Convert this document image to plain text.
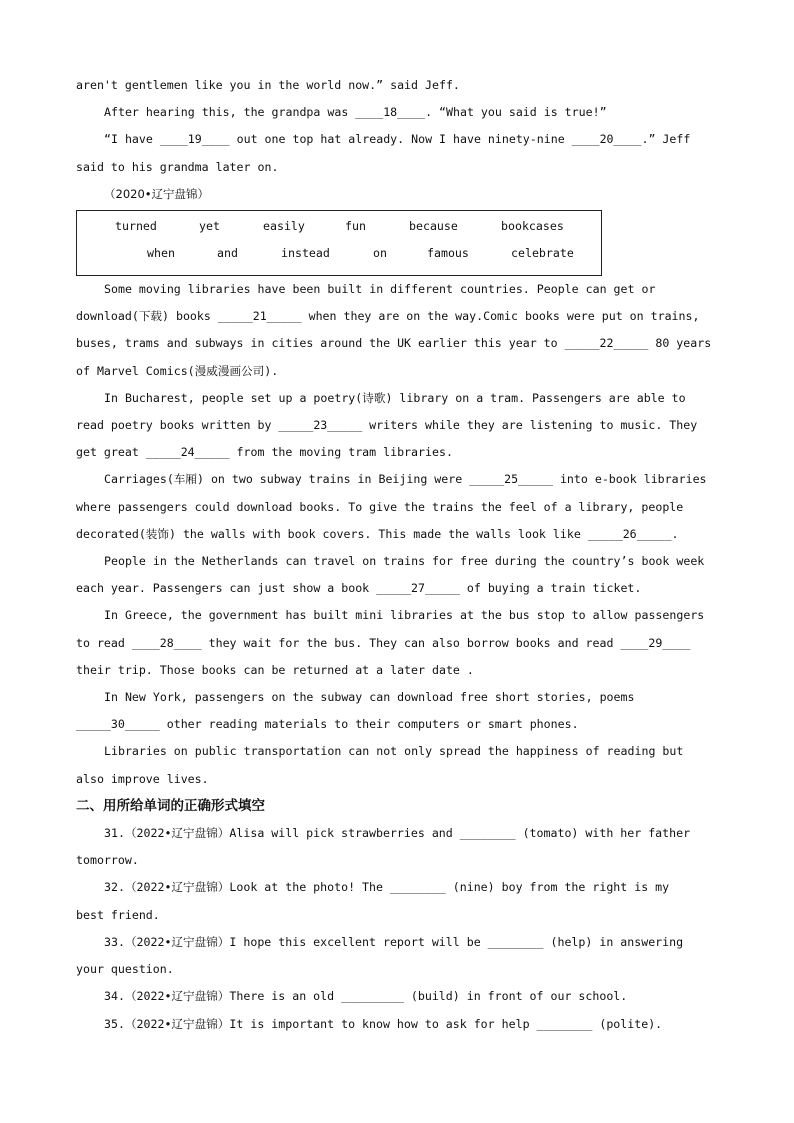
aren't gentlemen like you in the world now.” said Jeff.
After hearing this, the grandpa was ____18____. “What you said is true!”
“I have ____19____ out one top hat already. Now I have ninety-nine ____20____.” Jeff
said to his grandma later on.
（2020•辽宁盘锦）
turned	yet	easily	fun	because	bookcases
when	and	instead	on	famous	celebrate
Some moving libraries have been built in different countries. People can get or
download(下载) books _____21_____ when they are on the way.Comic books were put on trains,
buses, trams and subways in cities around the UK earlier this year to _____22_____ 80 years
of Marvel Comics(漫威漫画公司).
In Bucharest, people set up a poetry(诗歌) library on a tram. Passengers are able to
read poetry books written by _____23_____ writers while they are listening to music. They
get great _____24_____ from the moving tram libraries.
Carriages(车厢) on two subway trains in Beijing were _____25_____ into e-book libraries
where passengers could download books. To give the trains the feel of a library, people
decorated(装饰) the walls with book covers. This made the walls look like _____26_____.
People in the Netherlands can travel on trains for free during the country’s book week
each year. Passengers can just show a book _____27_____ of buying a train ticket.
In Greece, the government has built mini libraries at the bus stop to allow passengers
to read ____28____ they wait for the bus. They can also borrow books and read ____29____
their trip. Those books can be returned at a later date .
In New York, passengers on the subway can download free short stories, poems
_____30_____ other reading materials to their computers or smart phones.
Libraries on public transportation can not only spread the happiness of reading but
also improve lives.
二、用所给单词的正确形式填空
31.（2022•辽宁盘锦）Alisa will pick strawberries and ________ (tomato) with her father
tomorrow.
32.（2022•辽宁盘锦）Look at the photo! The ________ (nine) boy from the right is my
best friend.
33.（2022•辽宁盘锦）I hope this excellent report will be ________ (help) in answering
your question.
34.（2022•辽宁盘锦）There is an old _________ (build) in front of our school.
35.（2022•辽宁盘锦）It is important to know how to ask for help ________ (polite).
